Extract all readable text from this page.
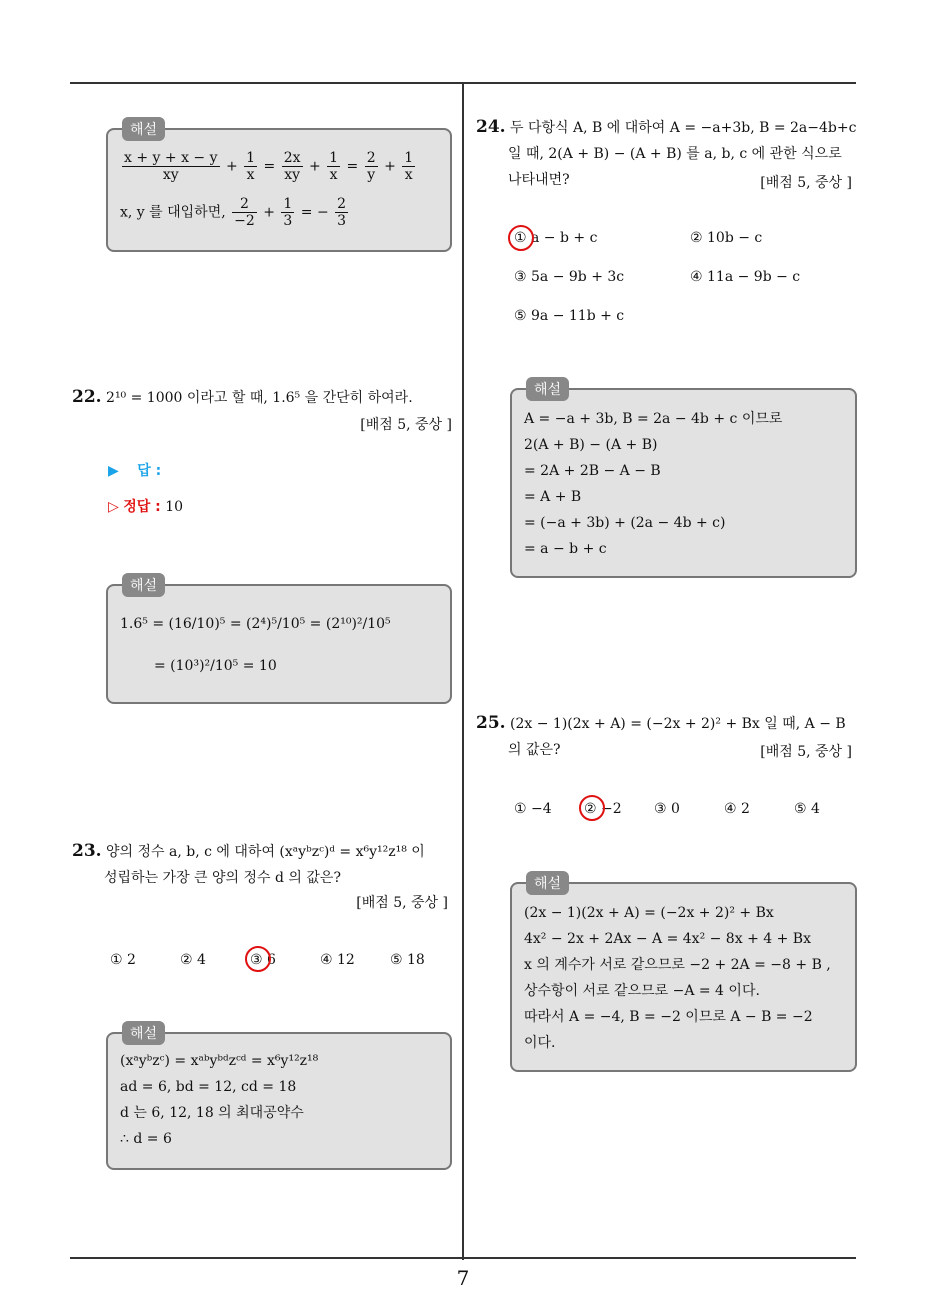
7
해설
$\frac{x + y + x - y}{xy} + \frac{1}{x} = \frac{2x}{xy} + \frac{1}{x} = \frac{2}{y} + \frac{1}{x}$
x, y 를 대입하면, $\frac{2}{-2} + \frac{1}{3}$ = − $\frac{2}{3}$
22. 2¹⁰ = 1000 이라고 할 때, 1.6⁵ 을 간단히 하여라.
[배점 5, 중상 ]
▶ 답 :
▷ 정답 : 10
해설
1.6⁵ = (16/10)⁵ = (2⁴)⁵/10⁵ = (2¹⁰)²/10⁵
= (10³)²/10⁵ = 10
23. 양의 정수 a, b, c 에 대하여 (xᵃyᵇzᶜ)ᵈ = x⁶y¹²z¹⁸ 이
성립하는 가장 큰 양의 정수 d 의 값은?
[배점 5, 중상 ]
① 2	② 4	③ 6	④ 12	⑤ 18
해설
(xᵃyᵇzᶜ) = xᵃᵇyᵇᵈzᶜᵈ = x⁶y¹²z¹⁸
ad = 6, bd = 12, cd = 18
d 는 6, 12, 18 의 최대공약수
∴ d = 6
24. 두 다항식 A, B 에 대하여 A = −a+3b, B = 2a−4b+c
일 때, 2(A + B) − (A + B) 를 a, b, c 에 관한 식으로
나타내면?	[배점 5, 중상 ]
① a − b + c	② 10b − c
③ 5a − 9b + 3c	④ 11a − 9b − c
⑤ 9a − 11b + c
해설
A = −a + 3b, B = 2a − 4b + c 이므로
2(A + B) − (A + B)
= 2A + 2B − A − B
= A + B
= (−a + 3b) + (2a − 4b + c)
= a − b + c
25. (2x − 1)(2x + A) = (−2x + 2)² + Bx 일 때, A − B
의 값은?	[배점 5, 중상 ]
① −4 ② −2 ③ 0	④ 2	⑤ 4
해설
(2x − 1)(2x + A) = (−2x + 2)² + Bx
4x² − 2x + 2Ax − A = 4x² − 8x + 4 + Bx
x 의 계수가 서로 같으므로 −2 + 2A = −8 + B ,
상수항이 서로 같으므로 −A = 4 이다.
따라서 A = −4, B = −2 이므로 A − B = −2
이다.
